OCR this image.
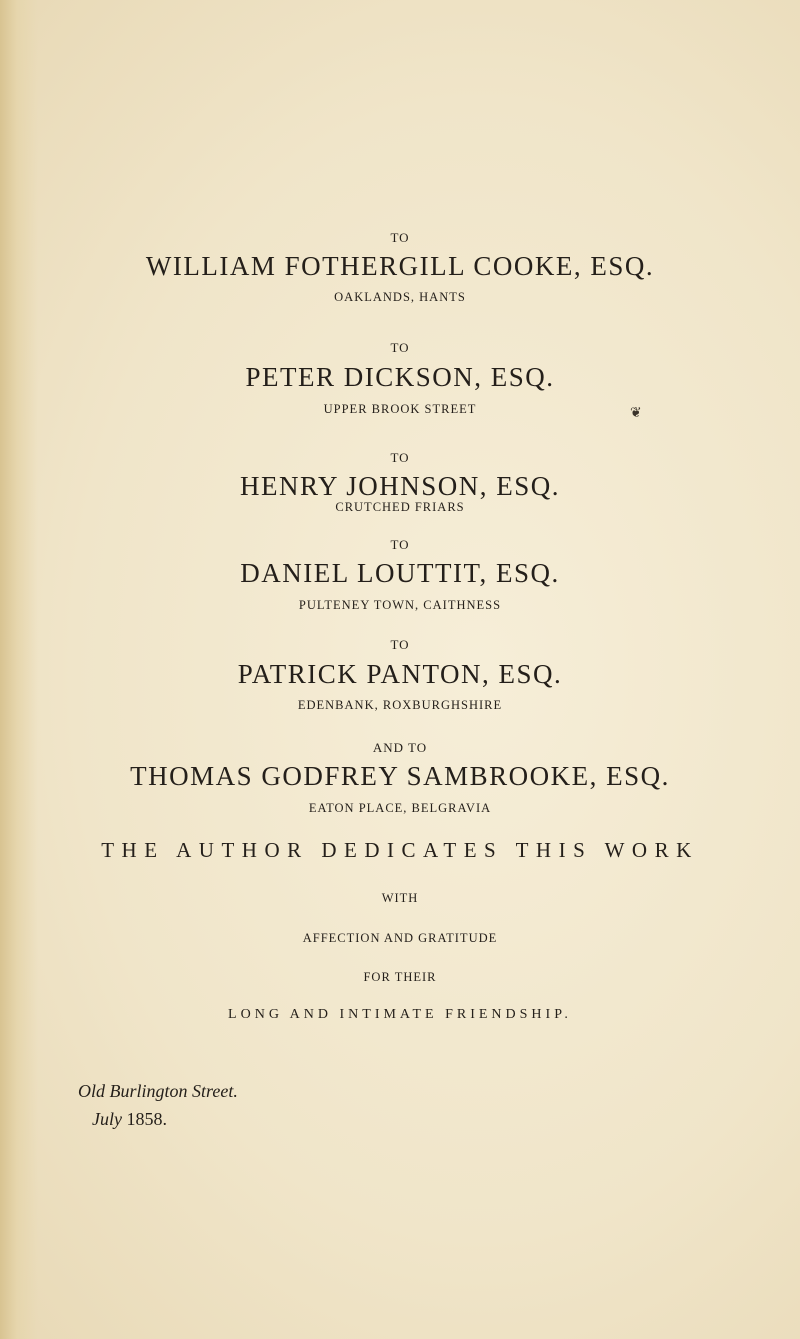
TO
WILLIAM FOTHERGILL COOKE, ESQ.
OAKLANDS, HANTS
TO
PETER DICKSON, ESQ.
UPPER BROOK STREET
TO
HENRY JOHNSON, ESQ.
CRUTCHED FRIARS
TO
DANIEL LOUTTIT, ESQ.
PULTENEY TOWN, CAITHNESS
TO
PATRICK PANTON, ESQ.
EDENBANK, ROXBURGHSHIRE
AND TO
THOMAS GODFREY SAMBROOKE, ESQ.
EATON PLACE, BELGRAVIA
THE AUTHOR DEDICATES THIS WORK
WITH
AFFECTION AND GRATITUDE
FOR THEIR
LONG AND INTIMATE FRIENDSHIP.
Old Burlington Street.
July 1858.
❦
